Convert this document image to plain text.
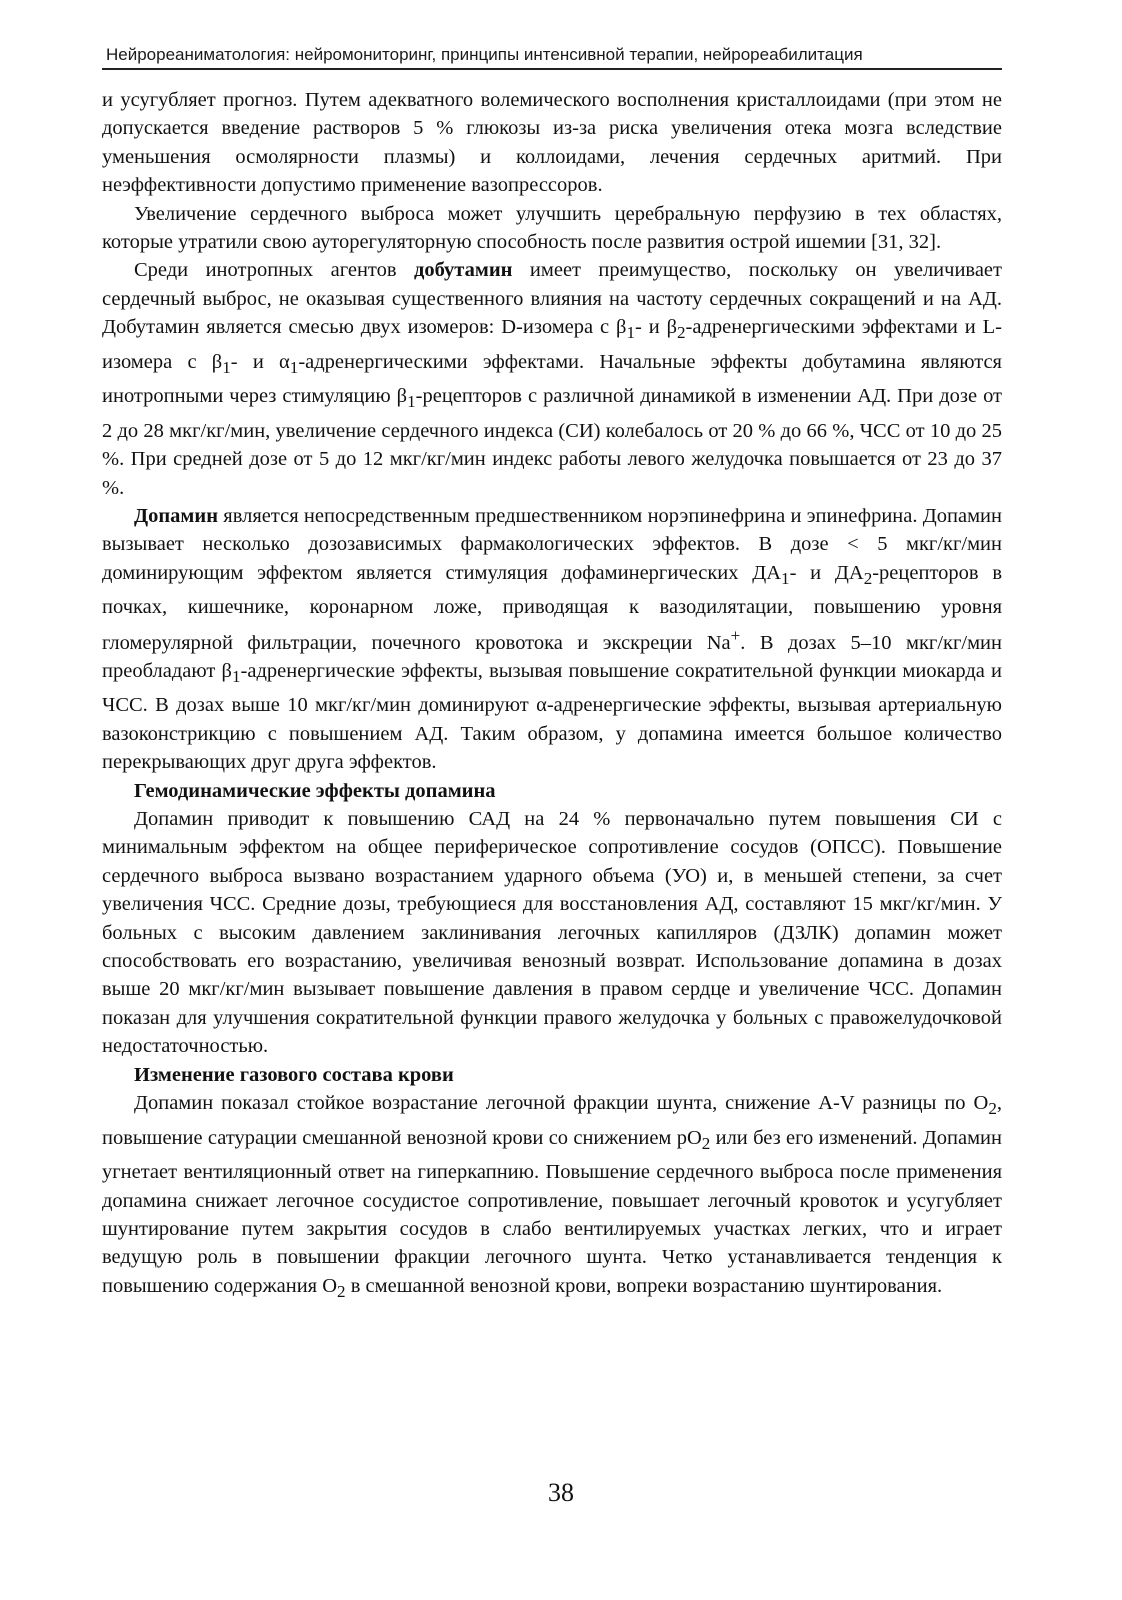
Нейрореаниматология: нейромониторинг, принципы интенсивной терапии, нейрореабилитация

и усугубляет прогноз. Путем адекватного волемического восполнения кристаллоидами (при этом не допускается введение растворов 5 % глюкозы из-за риска увеличения отека мозга вследствие уменьшения осмолярности плазмы) и коллоидами, лечения сердечных аритмий. При неэффективности допустимо применение вазопрессоров.

Увеличение сердечного выброса может улучшить церебральную перфузию в тех областях, которые утратили свою ауторегуляторную способность после развития острой ишемии [31, 32].

Среди инотропных агентов добутамин имеет преимущество, поскольку он увеличивает сердечный выброс, не оказывая существенного влияния на частоту сердечных сокращений и на АД. Добутамин является смесью двух изомеров: D-изомера с $\beta_1-$ и $\beta_2$-адренергическими эффектами и L-изомера с $\beta_1-$ и $\alpha_1$-адренергическими эффектами. Начальные эффекты добутамина являются инотропными через стимуляцию $\beta_1$-рецепторов с различной динамикой в изменении АД. При дозе от 2 до 28 мкг/кг/мин, увеличение сердечного индекса (СИ) колебалось от 20 % до 66 %, ЧСС от 10 до 25 %. При средней дозе от 5 до 12 мкг/кг/мин индекс работы левого желудочка повышается от 23 до 37 %.

Допамин является непосредственным предшественником норэпинефрина и эпинефрина. Допамин вызывает несколько дозозависимых фармакологических эффектов. В дозе < 5 мкг/кг/мин доминирующим эффектом является стимуляция дофаминергических $ДА_1-$ и $ДА_2$-рецепторов в почках, кишечнике, коронарном ложе, приводящая к вазодилятации, повышению уровня гломерулярной фильтрации, почечного кровотока и экскреции Na+. В дозах 5–10 мкг/кг/мин преобладают $\beta_1$-адренергические эффекты, вызывая повышение сократительной функции миокарда и ЧСС. В дозах выше 10 мкг/кг/мин доминируют α-адренергические эффекты, вызывая артериальную вазоконстрикцию с повышением АД. Таким образом, у допамина имеется большое количество перекрывающих друг друга эффектов.

Гемодинамические эффекты допамина

Допамин приводит к повышению САД на 24 % первоначально путем повышения СИ с минимальным эффектом на общее периферическое сопротивление сосудов (ОПСС). Повышение сердечного выброса вызвано возрастанием ударного объема (УО) и, в меньшей степени, за счет увеличения ЧСС. Средние дозы, требующиеся для восстановления АД, составляют 15 мкг/кг/мин. У больных с высоким давлением заклинивания легочных капилляров (ДЗЛК) допамин может способствовать его возрастанию, увеличивая венозный возврат. Использование допамина в дозах выше 20 мкг/кг/мин вызывает повышение давления в правом сердце и увеличение ЧСС. Допамин показан для улучшения сократительной функции правого желудочка у больных с правожелудочковой недостаточностью.

Изменение газового состава крови

Допамин показал стойкое возрастание легочной фракции шунта, снижение A-V разницы по $O_2$, повышение сатурации смешанной венозной крови со снижением $pO_2$ или без его изменений. Допамин угнетает вентиляционный ответ на гиперкапнию. Повышение сердечного выброса после применения допамина снижает легочное сосудистое сопротивление, повышает легочный кровоток и усугубляет шунтирование путем закрытия сосудов в слабо вентилируемых участках легких, что и играет ведущую роль в повышении фракции легочного шунта. Четко устанавливается тенденция к повышению содержания $O_2$ в смешанной венозной крови, вопреки возрастанию шунтирования.

38
